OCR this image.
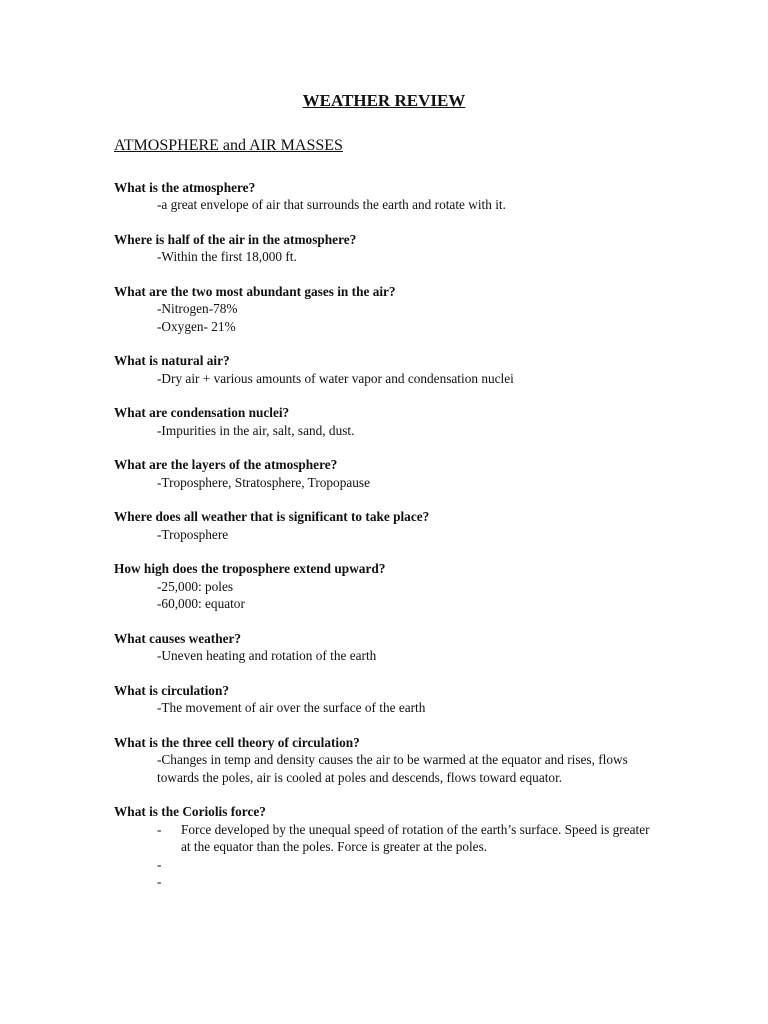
WEATHER REVIEW
ATMOSPHERE and AIR MASSES

What is the atmosphere?

-a great envelope of air that surrounds the earth and rotate with it.

Where is half of the air in the atmosphere?

-Within the first 18,000 ft.

What are the two most abundant gases in the air?

-Nitrogen-78%

-Oxygen- 21%

What is natural air?

-Dry air + various amounts of water vapor and condensation nuclei

What are condensation nuclei?

-Impurities in the air, salt, sand, dust.

What are the layers of the atmosphere?

-Troposphere, Stratosphere, Tropopause

Where does all weather that is significant to take place?

-Troposphere

How high does the troposphere extend upward?

-25,000: poles

-60,000: equator

What causes weather?

-Uneven heating and rotation of the earth

What is circulation?

-The movement of air over the surface of the earth

What is the three cell theory of circulation?

-Changes in temp and density causes the air to be warmed at the equator and rises, flows towards the poles, air is cooled at poles and descends, flows toward equator.

What is the Coriolis force?

- Force developed by the unequal speed of rotation of the earth’s surface. Speed is greater at the equator than the poles. Force is greater at the poles.
-
-
